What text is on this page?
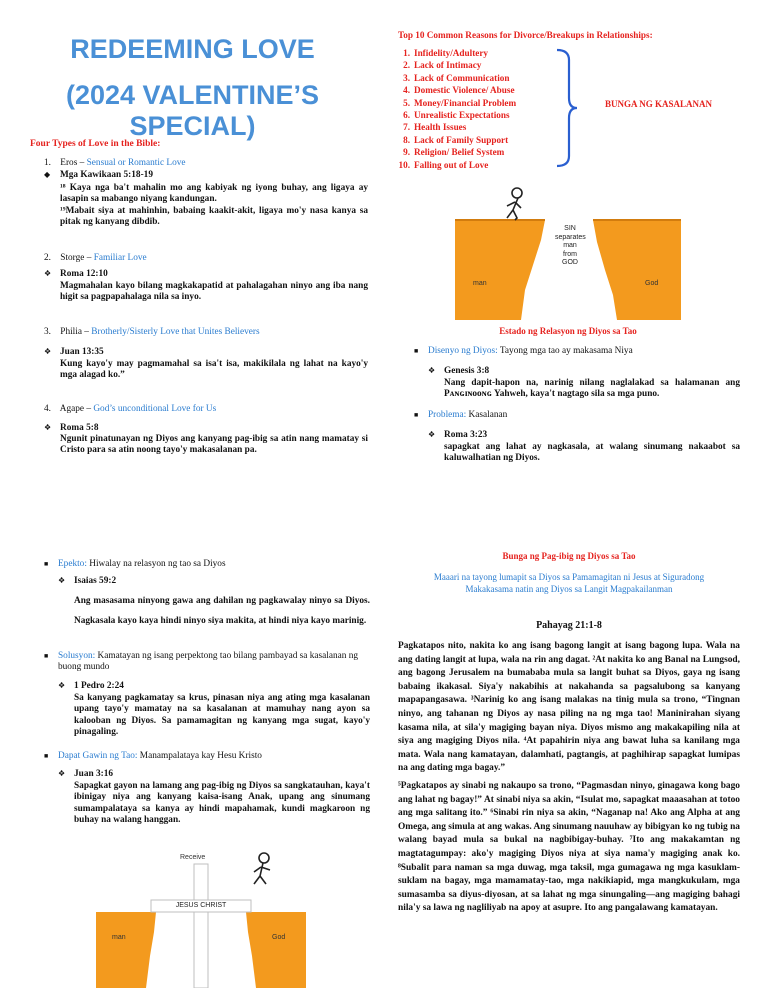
REDEEMING LOVE
(2024 VALENTINE’S SPECIAL)
Four Types of Love in the Bible:
1. Eros – Sensual or Romantic Love
◆ Mga Kawikaan 5:18-19
¹⁸ Kaya nga ba't mahalin mo ang kabiyak ng iyong buhay, ang ligaya ay lasapin sa mabango niyang kandungan.
¹⁹Mabait siya at mahinhin, babaing kaakit-akit, ligaya mo'y nasa kanya sa pitak ng kanyang dibdib.
2. Storge – Familiar Love
❖ Roma 12:10
Magmahalan kayo bilang magkakapatid at pahalagahan ninyo ang iba nang higit sa pagpapahalaga nila sa inyo.
3. Philia – Brotherly/Sisterly Love that Unites Believers
❖ Juan 13:35
Kung kayo'y may pagmamahal sa isa't isa, makikilala ng lahat na kayo'y mga alagad ko.”
4. Agape – God’s unconditional Love for Us
❖ Roma 5:8
Ngunit pinatunayan ng Diyos ang kanyang pag-ibig sa atin nang mamatay si Cristo para sa atin noong tayo'y makasalanan pa.
Top 10 Common Reasons for Divorce/Breakups in Relationships:
1. Infidelity/Adultery
2. Lack of Intimacy
3. Lack of Communication
4. Domestic Violence/ Abuse
5. Money/Financial Problem
6. Unrealistic Expectations
7. Health Issues
8. Lack of Family Support
9. Religion/ Belief System
10. Falling out of Love
BUNGA NG KASALANAN
SIN
separates
man
from
GOD
man	God
Estado ng Relasyon ng Diyos sa Tao
■ Disenyo ng Diyos: Tayong mga tao ay makasama Niya
❖ Genesis 3:8
Nang dapit-hapon na, narinig nilang naglalakad sa halamanan ang Pᴀɴɢɪɴᴏᴏɴɢ Yahweh, kaya't nagtago sila sa mga puno.
■ Problema: Kasalanan
❖ Roma 3:23
sapagkat ang lahat ay nagkasala, at walang sinumang nakaabot sa kaluwalhatian ng Diyos.
■ Epekto: Hiwalay na relasyon ng tao sa Diyos
❖ Isaias 59:2
Ang masasama ninyong gawa ang dahilan ng pagkawalay ninyo sa Diyos. Nagkasala kayo kaya hindi ninyo siya makita, at hindi niya kayo marinig.
■ Solusyon: Kamatayan ng isang perpektong tao bilang pambayad sa kasalanan ng buong mundo
❖ 1 Pedro 2:24
Sa kanyang pagkamatay sa krus, pinasan niya ang ating mga kasalanan upang tayo'y mamatay na sa kasalanan at mamuhay nang ayon sa kalooban ng Diyos. Sa pamamagitan ng kanyang mga sugat, kayo'y pinagaling.
■ Dapat Gawin ng Tao: Manampalataya kay Hesu Kristo
❖ Juan 3:16
Sapagkat gayon na lamang ang pag-ibig ng Diyos sa sangkatauhan, kaya't ibinigay niya ang kanyang kaisa-isang Anak, upang ang sinumang sumampalataya sa kanya ay hindi mapahamak, kundi magkaroon ng buhay na walang hanggan.
Receive
JESUS CHRIST
man	God
Bunga ng Pag-ibig ng Diyos sa Tao
Maaari na tayong lumapit sa Diyos sa Pamamagitan ni Jesus at Siguradong
Makakasama natin ang Diyos sa Langit Magpakailanman
Pahayag 21:1-8
Pagkatapos nito, nakita ko ang isang bagong langit at isang bagong lupa. Wala na ang dating langit at lupa, wala na rin ang dagat. ²At nakita ko ang Banal na Lungsod, ang bagong Jerusalem na bumababa mula sa langit buhat sa Diyos, gaya ng isang babaing ikakasal. Siya'y nakabihis at nakahanda sa pagsalubong sa kanyang mapapangasawa. ³Narinig ko ang isang malakas na tinig mula sa trono, “Tingnan ninyo, ang tahanan ng Diyos ay nasa piling na ng mga tao! Maninirahan siyang kasama nila, at sila'y magiging bayan niya. Diyos mismo ang makakapiling nila at siya ang magiging Diyos nila. ⁴At papahirin niya ang bawat luha sa kanilang mga mata. Wala nang kamatayan, dalamhati, pagtangis, at paghihirap sapagkat lumipas na ang dating mga bagay.”
⁵Pagkatapos ay sinabi ng nakaupo sa trono, “Pagmasdan ninyo, ginagawa kong bago ang lahat ng bagay!” At sinabi niya sa akin, “Isulat mo, sapagkat maaasahan at totoo ang mga salitang ito.” ⁶Sinabi rin niya sa akin, “Naganap na! Ako ang Alpha at ang Omega, ang simula at ang wakas. Ang sinumang nauuhaw ay bibigyan ko ng tubig na walang bayad mula sa bukal na nagbibigay-buhay. ⁷Ito ang makakamtan ng magtatagumpay: ako'y magiging Diyos niya at siya nama'y magiging anak ko. ⁸Subalit para naman sa mga duwag, mga taksil, mga gumagawa ng mga kasuklam-suklam na bagay, mga mamamatay-tao, mga nakikiapid, mga mangkukulam, mga sumasamba sa diyus-diyosan, at sa lahat ng mga sinungaling—ang magiging bahagi nila'y sa lawa ng nagliliyab na apoy at asupre. Ito ang pangalawang kamatayan.
